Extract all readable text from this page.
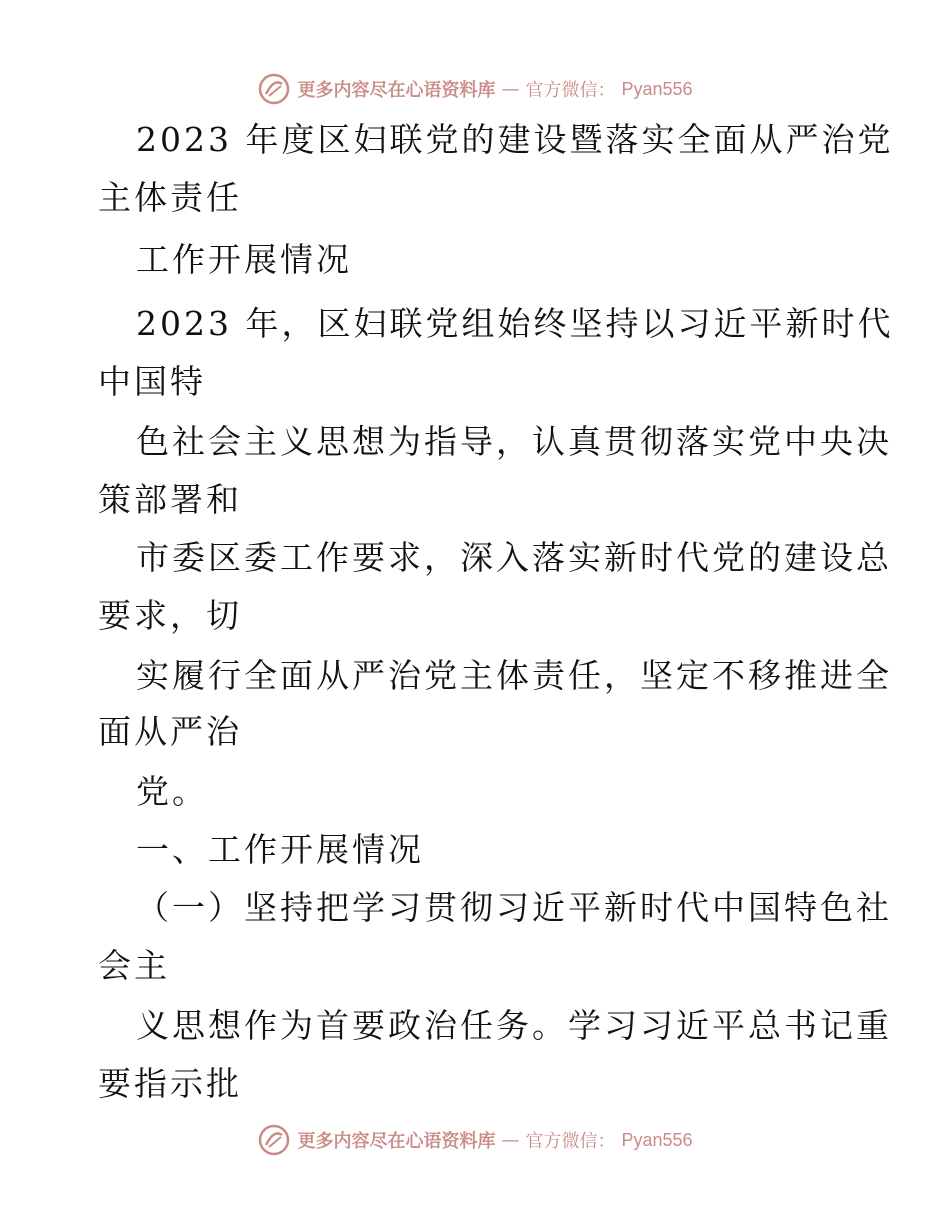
更多内容尽在心语资料库 — 官方微信： Pyan556
2023 年度区妇联党的建设暨落实全面从严治党
主体责任
工作开展情况
2023 年，区妇联党组始终坚持以习近平新时代
中国特
色社会主义思想为指导，认真贯彻落实党中央决
策部署和
市委区委工作要求，深入落实新时代党的建设总
要求，切
实履行全面从严治党主体责任，坚定不移推进全
面从严治
党。
一、工作开展情况
（一）坚持把学习贯彻习近平新时代中国特色社
会主
义思想作为首要政治任务。学习习近平总书记重
要指示批
更多内容尽在心语资料库 — 官方微信： Pyan556
